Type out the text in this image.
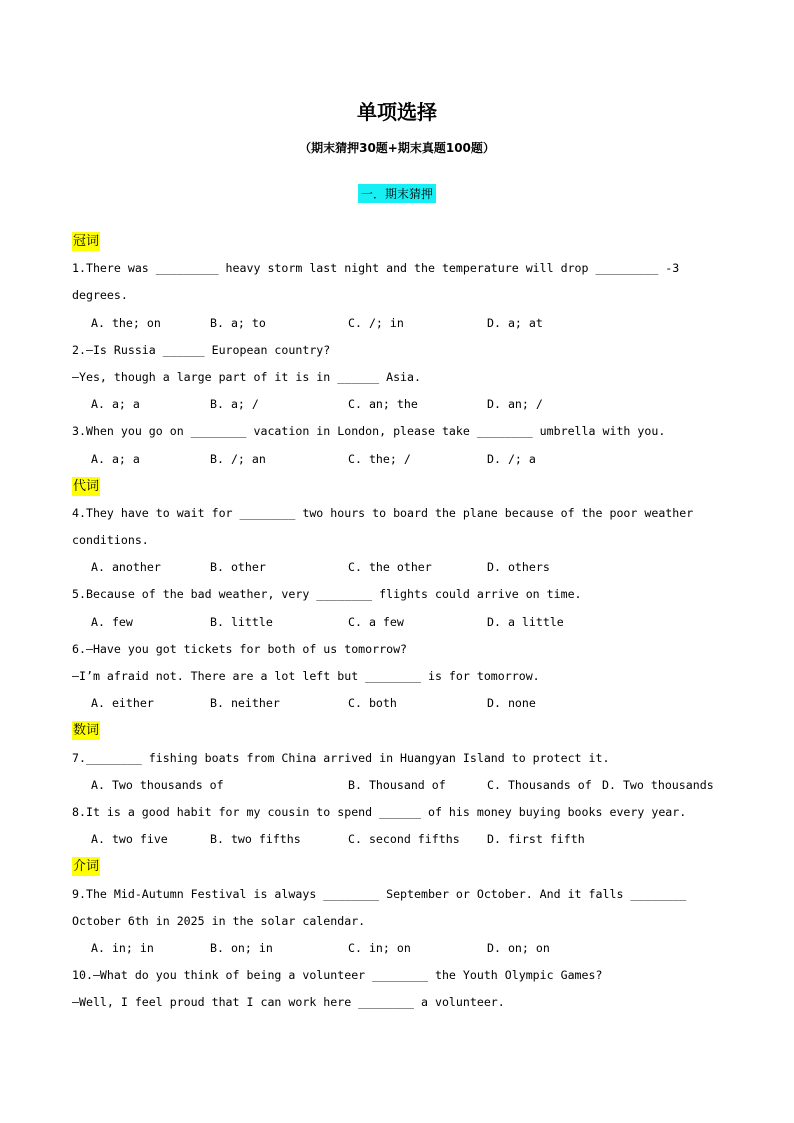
单项选择
（期末猜押30题+期末真题100题）
一．期末猜押
冠词
1.There was _________ heavy storm last night and the temperature will drop _________ -3
degrees.

A. the; on

	B. a; to

	C. /; in

	D. a; at

2.—Is Russia ______ European country?
—Yes, though a large part of it is in ______ Asia.

A. a; a

	B. a; /

	C. an; the

	D. an; /

3.When you go on ________ vacation in London, please take ________ umbrella with you.

A. a; a

	B. /; an

	C. the; /

	D. /; a

代词
4.They have to wait for ________ two hours to board the plane because of the poor weather
conditions.

A. another

	B. other

	C. the other

	D. others

5.Because of the bad weather, very ________ flights could arrive on time.

A. few

	B. little

	C. a few

	D. a little

6.—Have you got tickets for both of us tomorrow?
—I’m afraid not. There are a lot left but ________ is for tomorrow.

A. either

	B. neither

	C. both

	D. none

数词
7.________ fishing boats from China arrived in Huangyan Island to protect it.

A. Two thousands of

	B. Thousand of

	C. Thousands of

D. Two thousands

8.It is a good habit for my cousin to spend ______ of his money buying books every year.

A. two five

	B. two fifths

	C. second fifths

D. first fifth

介词
9.The Mid-Autumn Festival is always ________ September or October. And it falls ________
October 6th in 2025 in the solar calendar.

A. in; in

	B. on; in

	C. in; on

	D. on; on

10.—What do you think of being a volunteer ________ the Youth Olympic Games?
—Well, I feel proud that I can work here ________ a volunteer.
